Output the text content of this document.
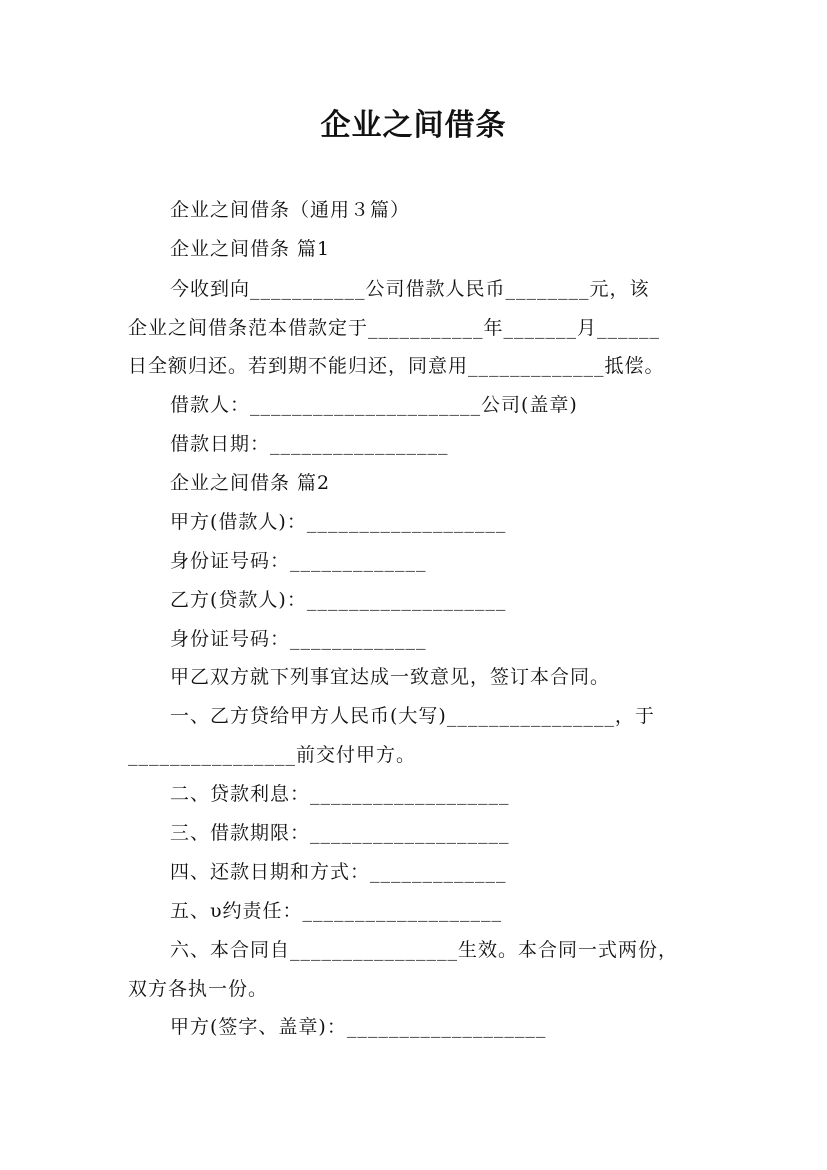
企业之间借条
企业之间借条（通用３篇）
企业之间借条 篇1
今收到向___________公司借款人民币________元，该
企业之间借条范本借款定于___________年_______月______
日全额归还。若到期不能归还，同意用_____________抵偿。
借款人：______________________公司(盖章)
借款日期：_________________
企业之间借条 篇2
甲方(借款人)：___________________
身份证号码：_____________
乙方(贷款人)：___________________
身份证号码：_____________
甲乙双方就下列事宜达成一致意见，签订本合同。
一、乙方贷给甲方人民币(大写)________________，于
________________前交付甲方。
二、贷款利息：___________________
三、借款期限：___________________
四、还款日期和方式：_____________
五、υ约责任：___________________
六、本合同自________________生效。本合同一式两份，
双方各执一份。
甲方(签字、盖章)：___________________
